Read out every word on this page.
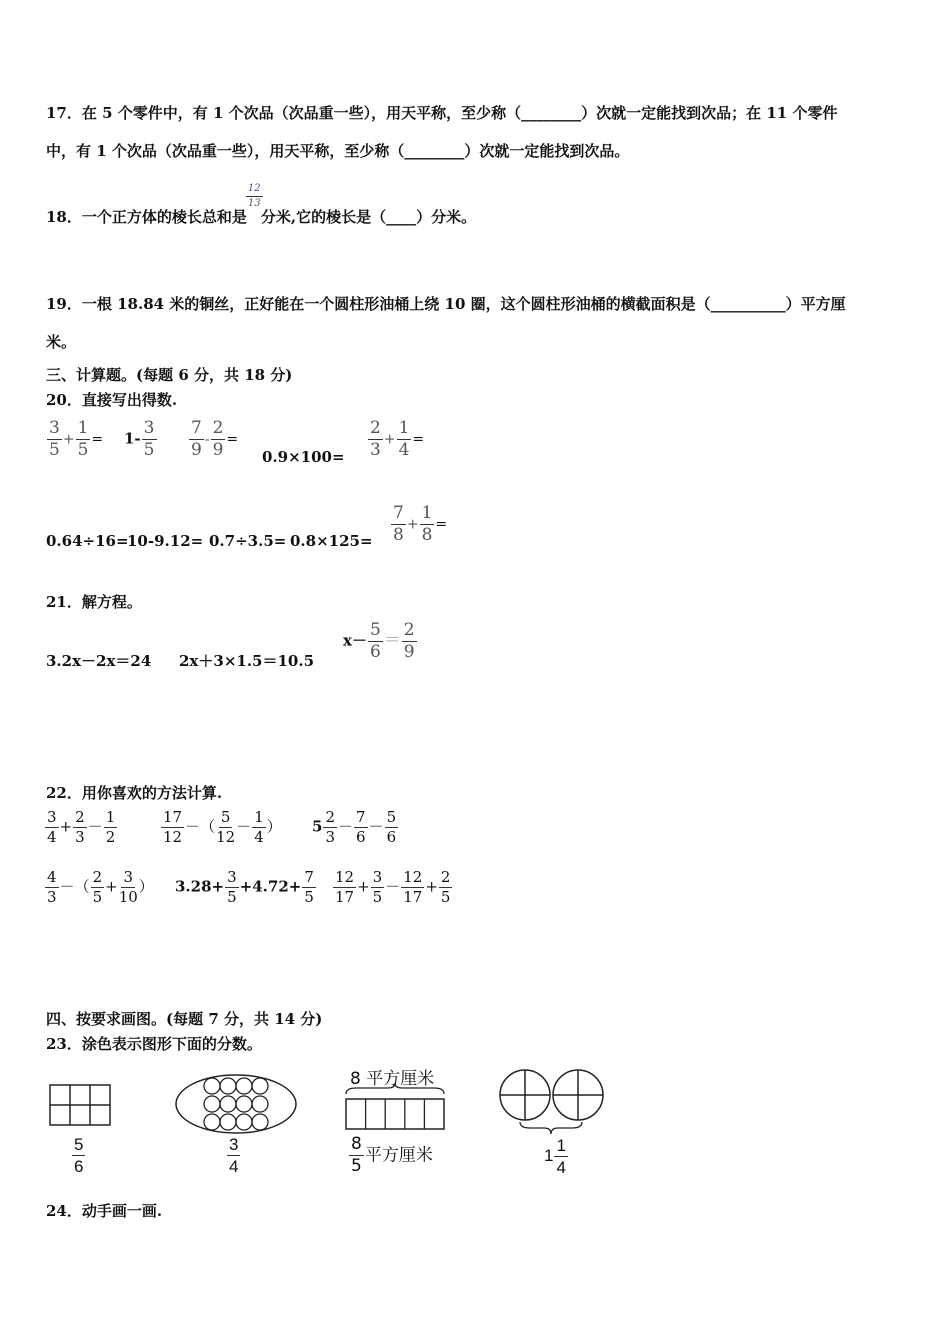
17．在 5 个零件中，有 1 个次品（次品重一些），用天平称，至少称（________）次就一定能找到次品；在 11 个零件
中，有 1 个次品（次品重一些），用天平称，至少称（________）次就一定能找到次品。
18．一个正方体的棱长总和是
$\frac{12}{13}$
分米,它的棱长是（____）分米。
19．一根 18.84 米的铜丝，正好能在一个圆柱形油桶上绕 10 圈，这个圆柱形油桶的横截面积是（__________）平方厘
米。
三、计算题。(每题 6 分，共 18 分)
20．直接写出得数.
$\frac{3}{5} + \frac{1}{5} = 1- \frac{3}{5} \frac{7}{9} - \frac{2}{9}$ =
$0.9\times 100= \frac{2}{3} + \frac{1}{4}$ =
0.64÷16=
$10-9.12= 0.7\div 3.5= 0.8\times 125= \frac{7}{8} + \frac{1}{8}$ =
21．解方程。
3.2x－2x＝24 2x＋3×1.5＝10.5
$x- \frac{5}{6} = \frac{2}{9}$
22．用你喜欢的方法计算.
$\frac{3}{4} + \frac{2}{3} - \frac{1}{2}$	$\frac{17}{12}$ －（ $\frac{5}{12} - \frac{1}{4}$ ） $5 \frac{2}{3} - \frac{7}{6} - \frac{5}{6}$
$\frac{4}{3}$ －（ $\frac{2}{5} + \frac{3}{10}$ ） $3.28+ \frac{3}{5} +4.72+ \frac{7}{5} \frac{12}{17} + \frac{3}{5} - \frac{12}{17} + \frac{2}{5}$
四、按要求画图。(每题 7 分，共 14 分)
23．涂色表示图形下面的分数。
$\frac{5}{6}$	$\frac{3}{4}$
8 平方厘米
$\frac{8}{5}$ 平方厘米	$1 \frac{1}{4}$
24．动手画一画.
